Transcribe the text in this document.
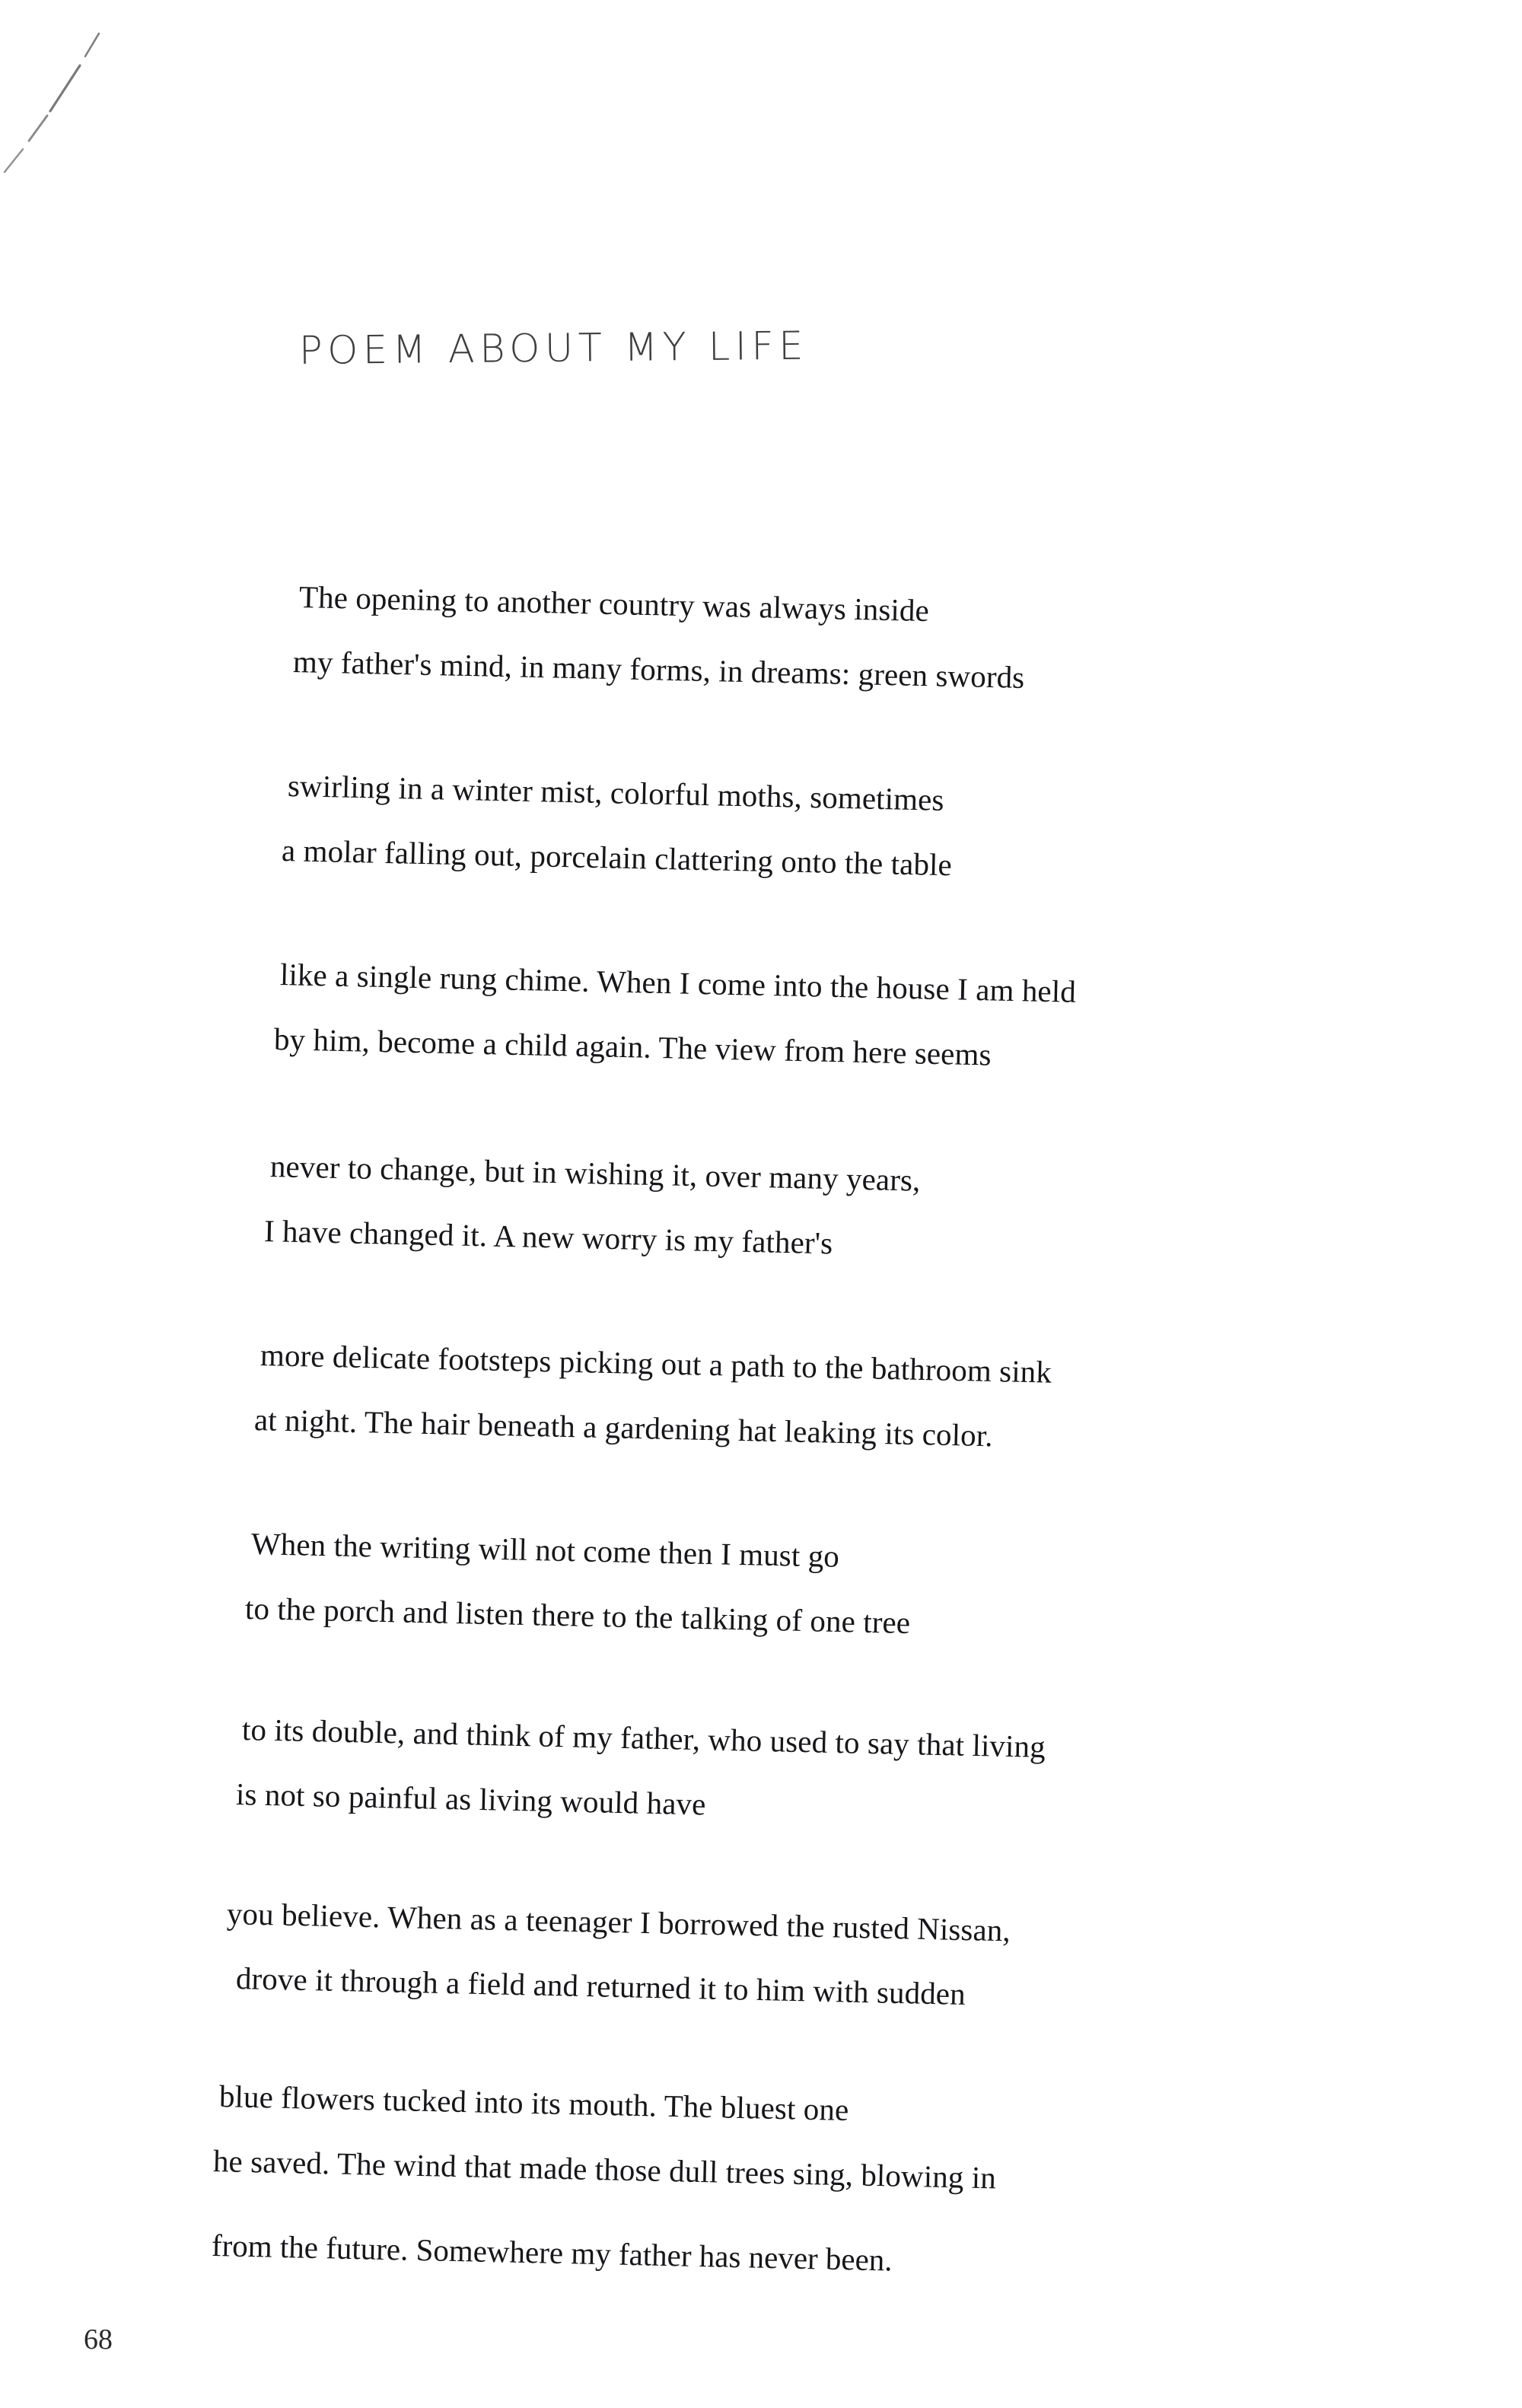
POEM ABOUT MY LIFE
The opening to another country was always inside
my father's mind, in many forms, in dreams: green swords
swirling in a winter mist, colorful moths, sometimes
a molar falling out, porcelain clattering onto the table
like a single rung chime. When I come into the house I am held
by him, become a child again. The view from here seems
never to change, but in wishing it, over many years,
I have changed it. A new worry is my father's
more delicate footsteps picking out a path to the bathroom sink
at night. The hair beneath a gardening hat leaking its color.
When the writing will not come then I must go
to the porch and listen there to the talking of one tree
to its double, and think of my father, who used to say that living
is not so painful as living would have
you believe. When as a teenager I borrowed the rusted Nissan,
drove it through a field and returned it to him with sudden
blue flowers tucked into its mouth. The bluest one
he saved. The wind that made those dull trees sing, blowing in
from the future. Somewhere my father has never been.
68
